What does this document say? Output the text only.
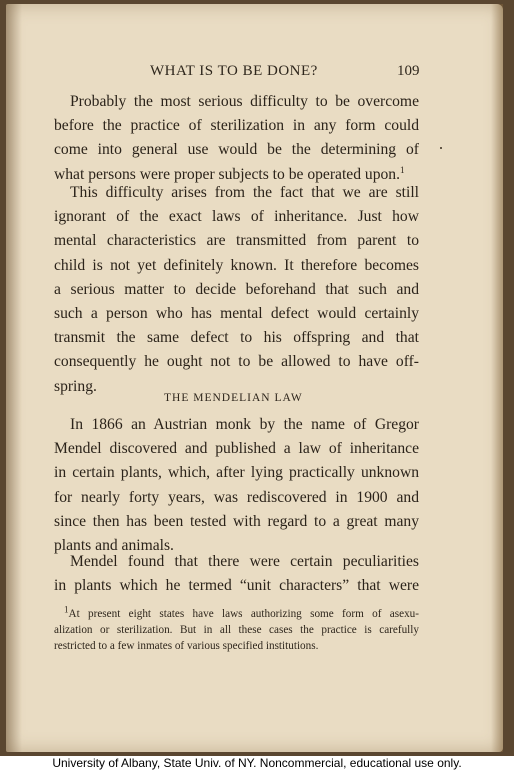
WHAT IS TO BE DONE?	109
Probably the most serious difficulty to be overcome
before the practice of sterilization in any form could
come into general use would be the determining of
what persons were proper subjects to be operated upon.$^1$
This difficulty arises from the fact that we are still
ignorant of the exact laws of inheritance. Just how
mental characteristics are transmitted from parent to
child is not yet definitely known. It therefore becomes
a serious matter to decide beforehand that such and
such a person who has mental defect would certainly
transmit the same defect to his offspring and that
consequently he ought not to be allowed to have off-
spring.
THE MENDELIAN LAW
In 1866 an Austrian monk by the name of Gregor
Mendel discovered and published a law of inheritance
in certain plants, which, after lying practically unknown
for nearly forty years, was rediscovered in 1900 and
since then has been tested with regard to a great many
plants and animals.
Mendel found that there were certain peculiarities
in plants which he termed “unit characters” that were
$^1$At present eight states have laws authorizing some form of asexu-
alization or sterilization. But in all these cases the practice is carefully
restricted to a few inmates of various specified institutions.
University of Albany, State Univ. of NY. Noncommercial, educational use only.
